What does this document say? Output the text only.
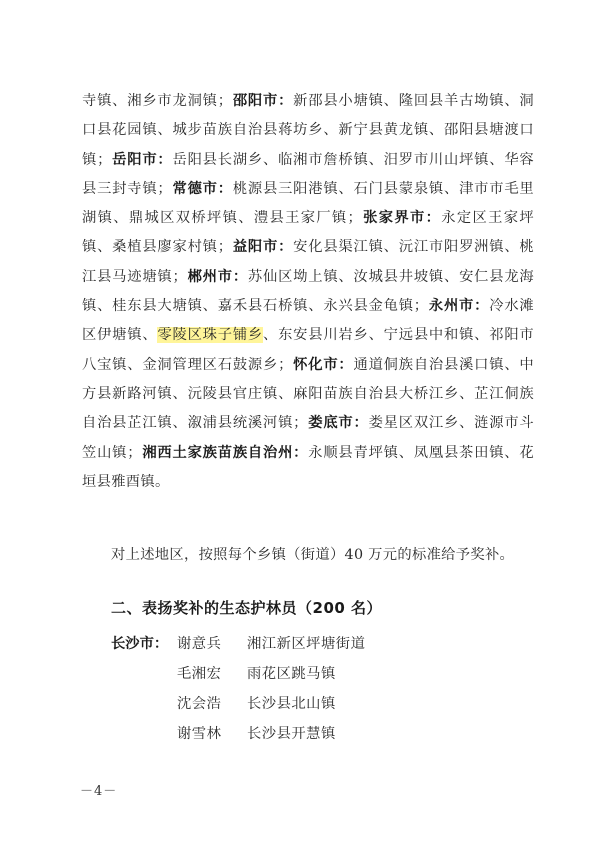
寺镇、湘乡市龙洞镇；邵阳市：新邵县小塘镇、隆回县羊古坳镇、洞口县花园镇、城步苗族自治县蒋坊乡、新宁县黄龙镇、邵阳县塘渡口镇；岳阳市：岳阳县长湖乡、临湘市詹桥镇、汨罗市川山坪镇、华容县三封寺镇；常德市：桃源县三阳港镇、石门县蒙泉镇、津市市毛里湖镇、鼎城区双桥坪镇、澧县王家厂镇；张家界市：永定区王家坪镇、桑植县廖家村镇；益阳市：安化县渠江镇、沅江市阳罗洲镇、桃江县马迹塘镇；郴州市：苏仙区坳上镇、汝城县井坡镇、安仁县龙海镇、桂东县大塘镇、嘉禾县石桥镇、永兴县金龟镇；永州市：冷水滩区伊塘镇、零陵区珠子铺乡、东安县川岩乡、宁远县中和镇、祁阳市八宝镇、金洞管理区石鼓源乡；怀化市：通道侗族自治县溪口镇、中方县新路河镇、沅陵县官庄镇、麻阳苗族自治县大桥江乡、芷江侗族自治县芷江镇、溆浦县统溪河镇；娄底市：娄星区双江乡、涟源市斗笠山镇；湘西土家族苗族自治州：永顺县青坪镇、凤凰县茶田镇、花垣县雅酉镇。
对上述地区，按照每个乡镇（街道）40 万元的标准给予奖补。
二、表扬奖补的生态护林员（200 名）
长沙市： 谢意兵	湘江新区坪塘街道
毛湘宏	雨花区跳马镇
沈会浩	长沙县北山镇
谢雪林	长沙县开慧镇
－4－
